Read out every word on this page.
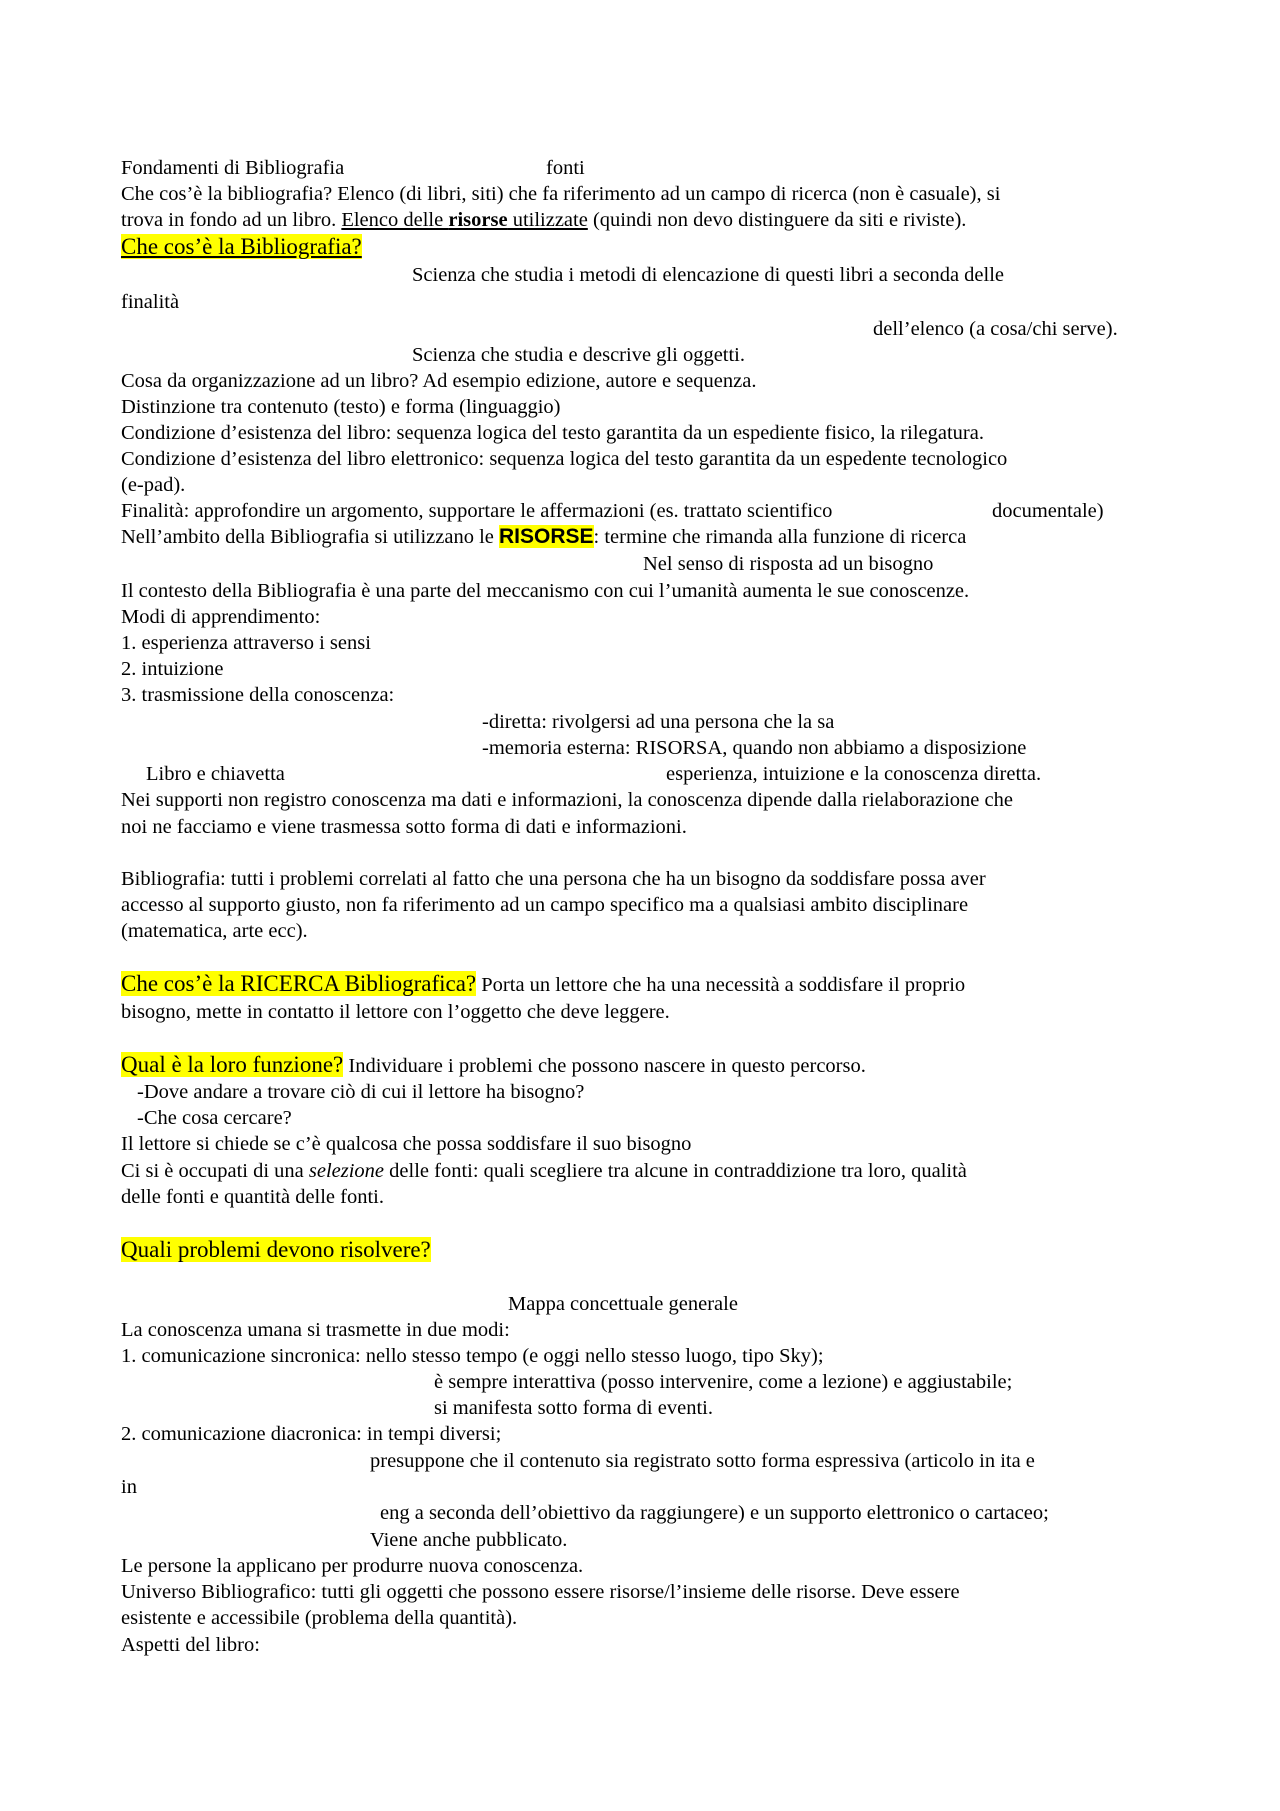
Fondamenti di Bibliografia	fonti
Che cos’è la bibliografia? Elenco (di libri, siti) che fa riferimento ad un campo di ricerca (non è casuale), si
trova in fondo ad un libro. Elenco delle risorse utilizzate (quindi non devo distinguere da siti e riviste).
Che cos’è la Bibliografia?
Scienza che studia i metodi di elencazione di questi libri a seconda delle
finalità
dell’elenco (a cosa/chi serve).
Scienza che studia e descrive gli oggetti.
Cosa da organizzazione ad un libro? Ad esempio edizione, autore e sequenza.
Distinzione tra contenuto (testo) e forma (linguaggio)
Condizione d’esistenza del libro: sequenza logica del testo garantita da un espediente fisico, la rilegatura.
Condizione d’esistenza del libro elettronico: sequenza logica del testo garantita da un espedente tecnologico
(e-pad).
Finalità: approfondire un argomento, supportare le affermazioni (es. trattato scientifico	documentale)
Nell’ambito della Bibliografia si utilizzano le RISORSE: termine che rimanda alla funzione di ricerca
Nel senso di risposta ad un bisogno
Il contesto della Bibliografia è una parte del meccanismo con cui l’umanità aumenta le sue conoscenze.
Modi di apprendimento:
1. esperienza attraverso i sensi
2. intuizione
3. trasmissione della conoscenza:
-diretta: rivolgersi ad una persona che la sa
-memoria esterna: RISORSA, quando non abbiamo a disposizione
Libro e chiavetta	esperienza, intuizione e la conoscenza diretta.
Nei supporti non registro conoscenza ma dati e informazioni, la conoscenza dipende dalla rielaborazione che
noi ne facciamo e viene trasmessa sotto forma di dati e informazioni.
Bibliografia: tutti i problemi correlati al fatto che una persona che ha un bisogno da soddisfare possa aver
accesso al supporto giusto, non fa riferimento ad un campo specifico ma a qualsiasi ambito disciplinare
(matematica, arte ecc).
Che cos’è la RICERCA Bibliografica? Porta un lettore che ha una necessità a soddisfare il proprio
bisogno, mette in contatto il lettore con l’oggetto che deve leggere.
Qual è la loro funzione? Individuare i problemi che possono nascere in questo percorso.
-Dove andare a trovare ciò di cui il lettore ha bisogno?
-Che cosa cercare?
Il lettore si chiede se c’è qualcosa che possa soddisfare il suo bisogno
Ci si è occupati di una selezione delle fonti: quali scegliere tra alcune in contraddizione tra loro, qualità
delle fonti e quantità delle fonti.
Quali problemi devono risolvere?
Mappa concettuale generale
La conoscenza umana si trasmette in due modi:
1. comunicazione sincronica: nello stesso tempo (e oggi nello stesso luogo, tipo Sky);
è sempre interattiva (posso intervenire, come a lezione) e aggiustabile;
si manifesta sotto forma di eventi.
2. comunicazione diacronica: in tempi diversi;
presuppone che il contenuto sia registrato sotto forma espressiva (articolo in ita e
in
eng a seconda dell’obiettivo da raggiungere) e un supporto elettronico o cartaceo;
Viene anche pubblicato.
Le persone la applicano per produrre nuova conoscenza.
Universo Bibliografico: tutti gli oggetti che possono essere risorse/l’insieme delle risorse. Deve essere
esistente e accessibile (problema della quantità).
Aspetti del libro:
